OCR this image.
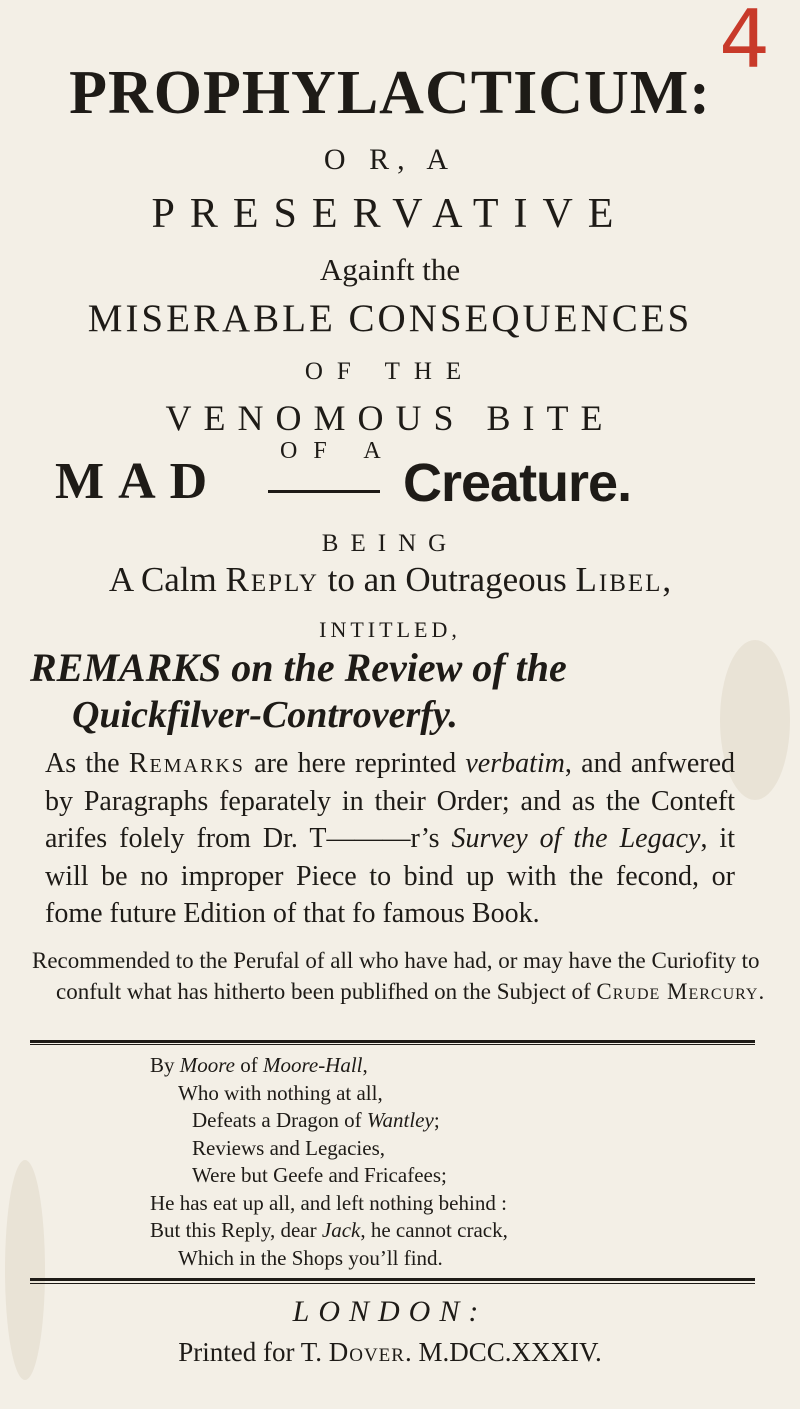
4
PROPHYLACTICUM:
O R, A
PRESERVATIVE
Againft the
MISERABLE CONSEQUENCES
OF THE
VENOMOUS BITE
OF A
MAD	Creature.
BEING
A Calm Reply to an Outrageous Libel,
INTITLED,
REMARKS on the Review of the
Quickfilver-Controverfy.
As the Remarks are here reprinted verbatim, and anfwered by Paragraphs feparately in their Order; and as the Conteft arifes folely from Dr. T———r’s Survey of the Legacy, it will be no improper Piece to bind up with the fecond, or fome future Edition of that fo famous Book.
Recommended to the Perufal of all who have had, or may have the Curiofity to confult what has hitherto been publifhed on the Subject of Crude Mercury.
By Moore of Moore-Hall,
Who with nothing at all,
Defeats a Dragon of Wantley;
Reviews and Legacies,
Were but Geefe and Fricafees;
He has eat up all, and left nothing behind :
But this Reply, dear Jack, he cannot crack,
Which in the Shops you’ll find.
LONDON:
Printed for T. Dover. M.DCC.XXXIV.
